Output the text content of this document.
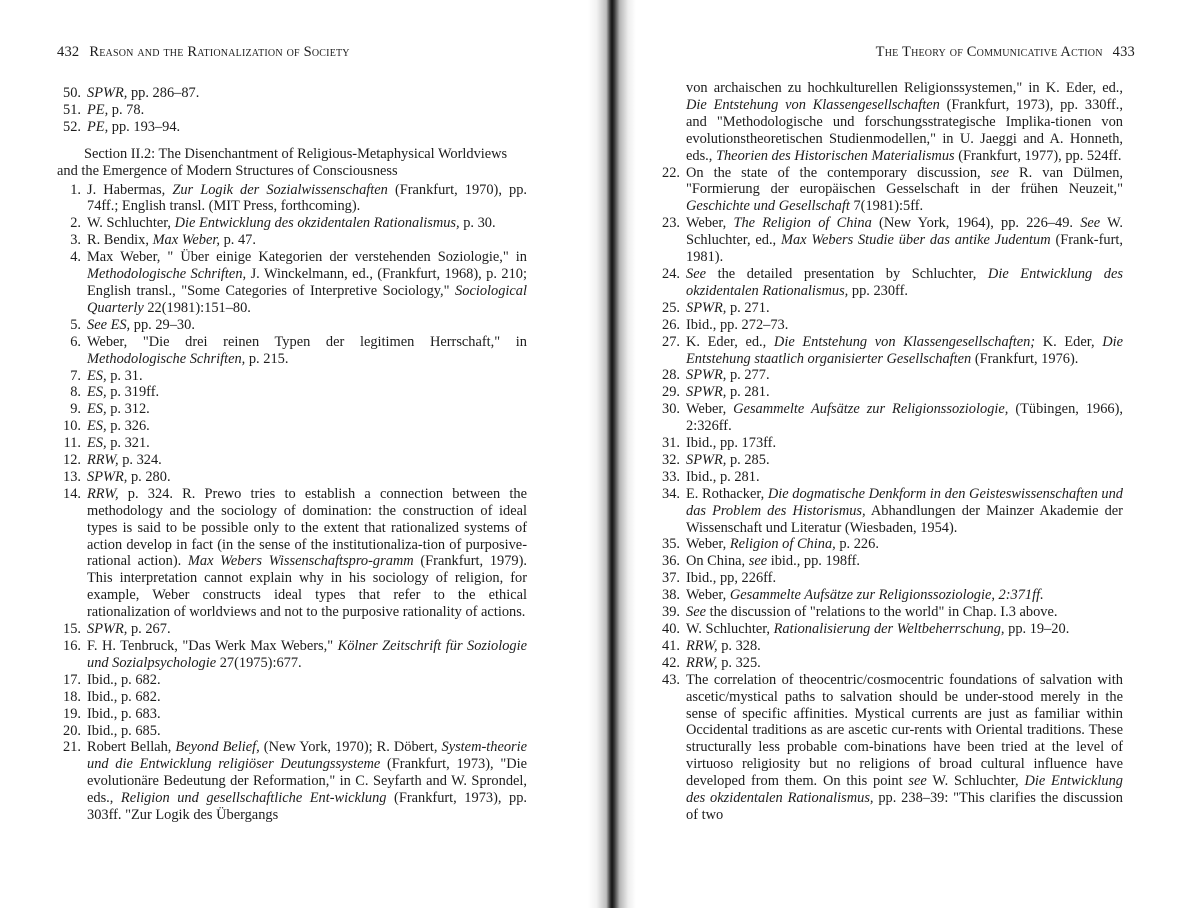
432 Reason and the Rationalization of Society
50. SPWR, pp. 286–87.
51. PE, p. 78.
52. PE, pp. 193–94.
Section II.2: The Disenchantment of Religious-Metaphysical Worldviews and the Emergence of Modern Structures of Consciousness
1. J. Habermas, Zur Logik der Sozialwissenschaften (Frankfurt, 1970), pp. 74ff.; English transl. (MIT Press, forthcoming).
2. W. Schluchter, Die Entwicklung des okzidentalen Rationalismus, p. 30.
3. R. Bendix, Max Weber, p. 47.
4. Max Weber, " Über einige Kategorien der verstehenden Soziologie," in Methodologische Schriften, J. Winckelmann, ed., (Frankfurt, 1968), p. 210; English transl., "Some Categories of Interpretive Sociology," Sociological Quarterly 22(1981):151–80.
5. See ES, pp. 29–30.
6. Weber, "Die drei reinen Typen der legitimen Herrschaft," in Methodologische Schriften, p. 215.
7. ES, p. 31.
8. ES, p. 319ff.
9. ES, p. 312.
10. ES, p. 326.
11. ES, p. 321.
12. RRW, p. 324.
13. SPWR, p. 280.
14. RRW, p. 324. R. Prewo tries to establish a connection between the methodology and the sociology of domination: the construction of ideal types is said to be possible only to the extent that rationalized systems of action develop in fact (in the sense of the institutionaliza-tion of purposive-rational action). Max Webers Wissenschaftspro-gramm (Frankfurt, 1979). This interpretation cannot explain why in his sociology of religion, for example, Weber constructs ideal types that refer to the ethical rationalization of worldviews and not to the purposive rationality of actions.
15. SPWR, p. 267.
16. F. H. Tenbruck, "Das Werk Max Webers," Kölner Zeitschrift für Soziologie und Sozialpsychologie 27(1975):677.
17. Ibid., p. 682.
18. Ibid., p. 682.
19. Ibid., p. 683.
20. Ibid., p. 685.
21. Robert Bellah, Beyond Belief, (New York, 1970); R. Döbert, System-theorie und die Entwicklung religiöser Deutungssysteme (Frankfurt, 1973), "Die evolutionäre Bedeutung der Reformation," in C. Seyfarth and W. Sprondel, eds., Religion und gesellschaftliche Ent-wicklung (Frankfurt, 1973), pp. 303ff. "Zur Logik des Übergangs
The Theory of Communicative Action 433
von archaischen zu hochkulturellen Religionssystemen," in K. Eder, ed., Die Entstehung von Klassengesellschaften (Frankfurt, 1973), pp. 330ff., and "Methodologische und forschungsstrategische Implika-tionen von evolutionstheoretischen Studienmodellen," in U. Jaeggi and A. Honneth, eds., Theorien des Historischen Materialismus (Frankfurt, 1977), pp. 524ff.
22. On the state of the contemporary discussion, see R. van Dülmen, "Formierung der europäischen Gesselschaft in der frühen Neuzeit," Geschichte und Gesellschaft 7(1981):5ff.
23. Weber, The Religion of China (New York, 1964), pp. 226–49. See W. Schluchter, ed., Max Webers Studie über das antike Judentum (Frank-furt, 1981).
24. See the detailed presentation by Schluchter, Die Entwicklung des okzidentalen Rationalismus, pp. 230ff.
25. SPWR, p. 271.
26. Ibid., pp. 272–73.
27. K. Eder, ed., Die Entstehung von Klassengesellschaften; K. Eder, Die Entstehung staatlich organisierter Gesellschaften (Frankfurt, 1976).
28. SPWR, p. 277.
29. SPWR, p. 281.
30. Weber, Gesammelte Aufsätze zur Religionssoziologie, (Tübingen, 1966), 2:326ff.
31. Ibid., pp. 173ff.
32. SPWR, p. 285.
33. Ibid., p. 281.
34. E. Rothacker, Die dogmatische Denkform in den Geisteswissenschaften und das Problem des Historismus, Abhandlungen der Mainzer Akademie der Wissenschaft und Literatur (Wiesbaden, 1954).
35. Weber, Religion of China, p. 226.
36. On China, see ibid., pp. 198ff.
37. Ibid., pp, 226ff.
38. Weber, Gesammelte Aufsätze zur Religionssoziologie, 2:371ff.
39. See the discussion of "relations to the world" in Chap. I.3 above.
40. W. Schluchter, Rationalisierung der Weltbeherrschung, pp. 19–20.
41. RRW, p. 328.
42. RRW, p. 325.
43. The correlation of theocentric/cosmocentric foundations of salvation with ascetic/mystical paths to salvation should be under-stood merely in the sense of specific affinities. Mystical currents are just as familiar within Occidental traditions as are ascetic cur-rents with Oriental traditions. These structurally less probable com-binations have been tried at the level of virtuoso religiosity but no religions of broad cultural influence have developed from them. On this point see W. Schluchter, Die Entwicklung des okzidentalen Rationalismus, pp. 238–39: "This clarifies the discussion of two
